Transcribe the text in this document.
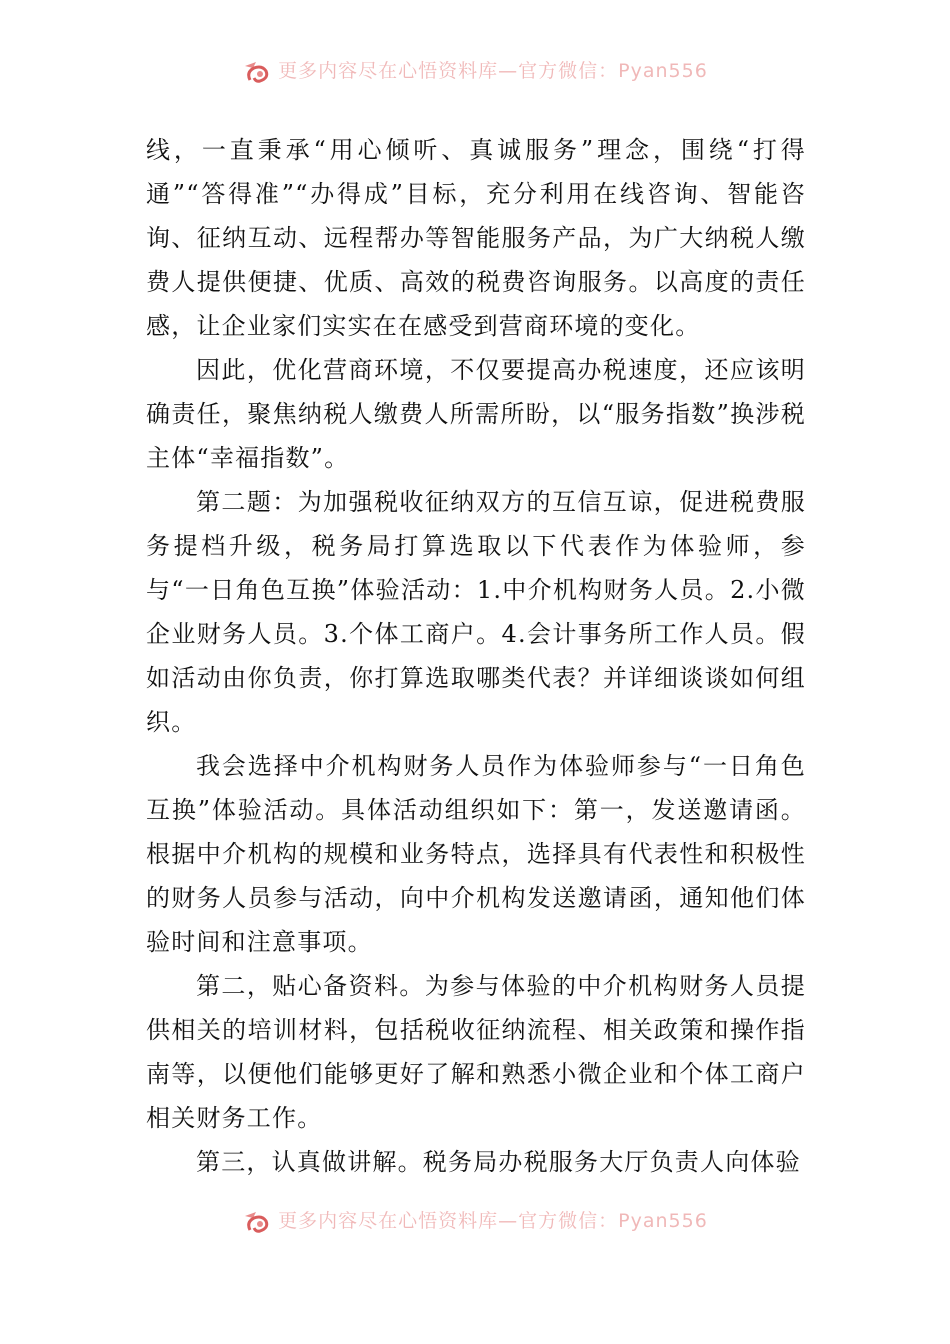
更多内容尽在心悟资料库—官方微信：Pyan556

线，一直秉承“用心倾听、真诚服务”理念，围绕“打得通”“答得准”“办得成”目标，充分利用在线咨询、智能咨询、征纳互动、远程帮办等智能服务产品，为广大纳税人缴费人提供便捷、优质、高效的税费咨询服务。以高度的责任感，让企业家们实实在在感受到营商环境的变化。

因此，优化营商环境，不仅要提高办税速度，还应该明确责任，聚焦纳税人缴费人所需所盼，以“服务指数”换涉税主体“幸福指数”。

第二题：为加强税收征纳双方的互信互谅，促进税费服务提档升级，税务局打算选取以下代表作为体验师，参与“一日角色互换”体验活动：1.中介机构财务人员。2.小微企业财务人员。3.个体工商户。4.会计事务所工作人员。假如活动由你负责，你打算选取哪类代表？并详细谈谈如何组织。

我会选择中介机构财务人员作为体验师参与“一日角色互换”体验活动。具体活动组织如下：第一，发送邀请函。根据中介机构的规模和业务特点，选择具有代表性和积极性的财务人员参与活动，向中介机构发送邀请函，通知他们体验时间和注意事项。

第二，贴心备资料。为参与体验的中介机构财务人员提供相关的培训材料，包括税收征纳流程、相关政策和操作指南等，以便他们能够更好了解和熟悉小微企业和个体工商户相关财务工作。

第三，认真做讲解。税务局办税服务大厅负责人向体验

更多内容尽在心悟资料库—官方微信：Pyan556
